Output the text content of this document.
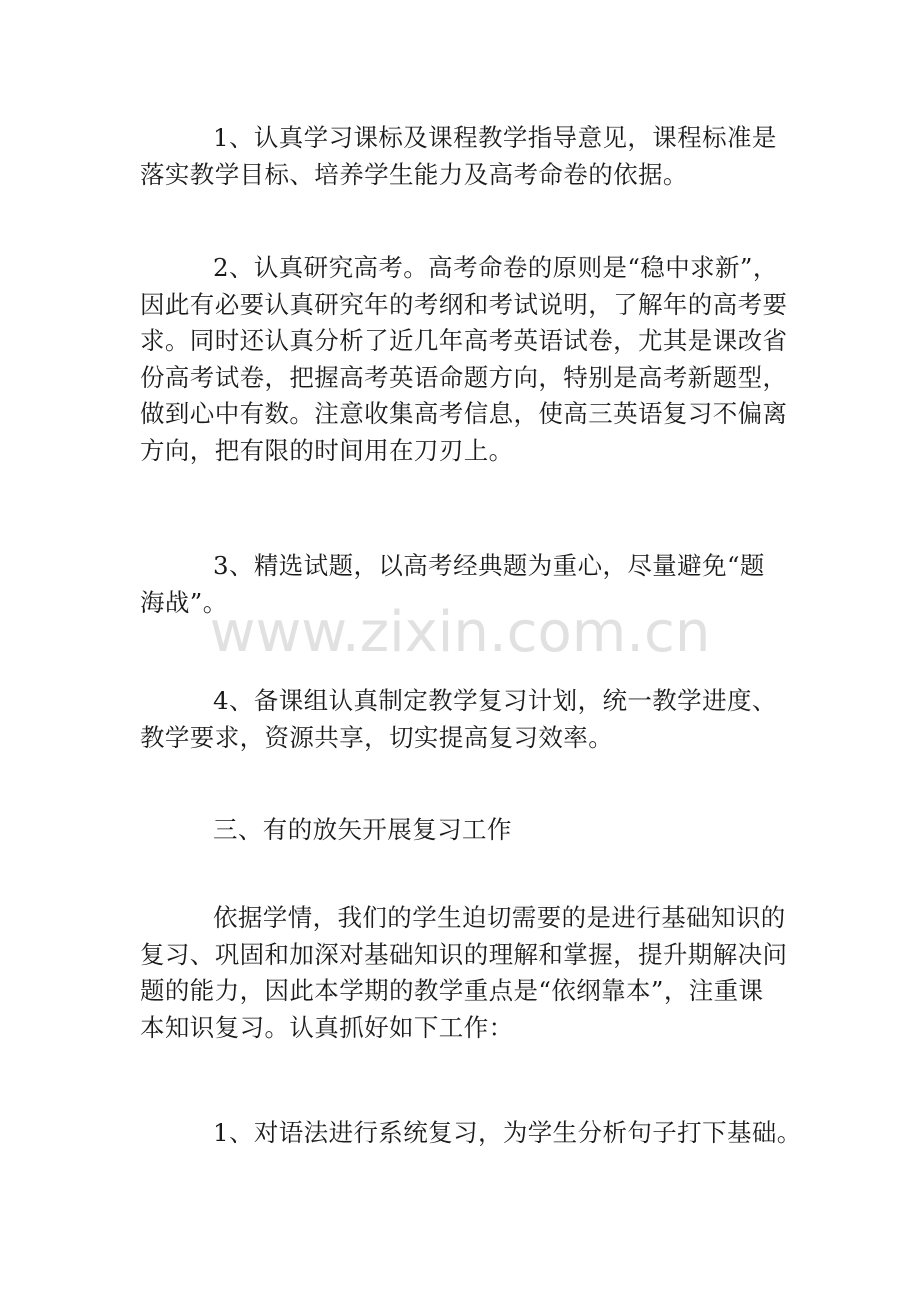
1、认真学习课标及课程教学指导意见，课程标准是
落实教学目标、培养学生能力及高考命卷的依据。

2、认真研究高考。高考命卷的原则是“稳中求新”，
因此有必要认真研究年的考纲和考试说明，了解年的高考要
求。同时还认真分析了近几年高考英语试卷，尤其是课改省
份高考试卷，把握高考英语命题方向，特别是高考新题型，
做到心中有数。注意收集高考信息，使高三英语复习不偏离
方向，把有限的时间用在刀刃上。

3、精选试题，以高考经典题为重心，尽量避免“题
海战”。

4、备课组认真制定教学复习计划，统一教学进度、
教学要求，资源共享，切实提高复习效率。

三、有的放矢开展复习工作

依据学情，我们的学生迫切需要的是进行基础知识的
复习、巩固和加深对基础知识的理解和掌握，提升期解决问
题的能力，因此本学期的教学重点是“依纲靠本”，注重课
本知识复习。认真抓好如下工作：

1、对语法进行系统复习，为学生分析句子打下基础。

www.zixin.com.cn
